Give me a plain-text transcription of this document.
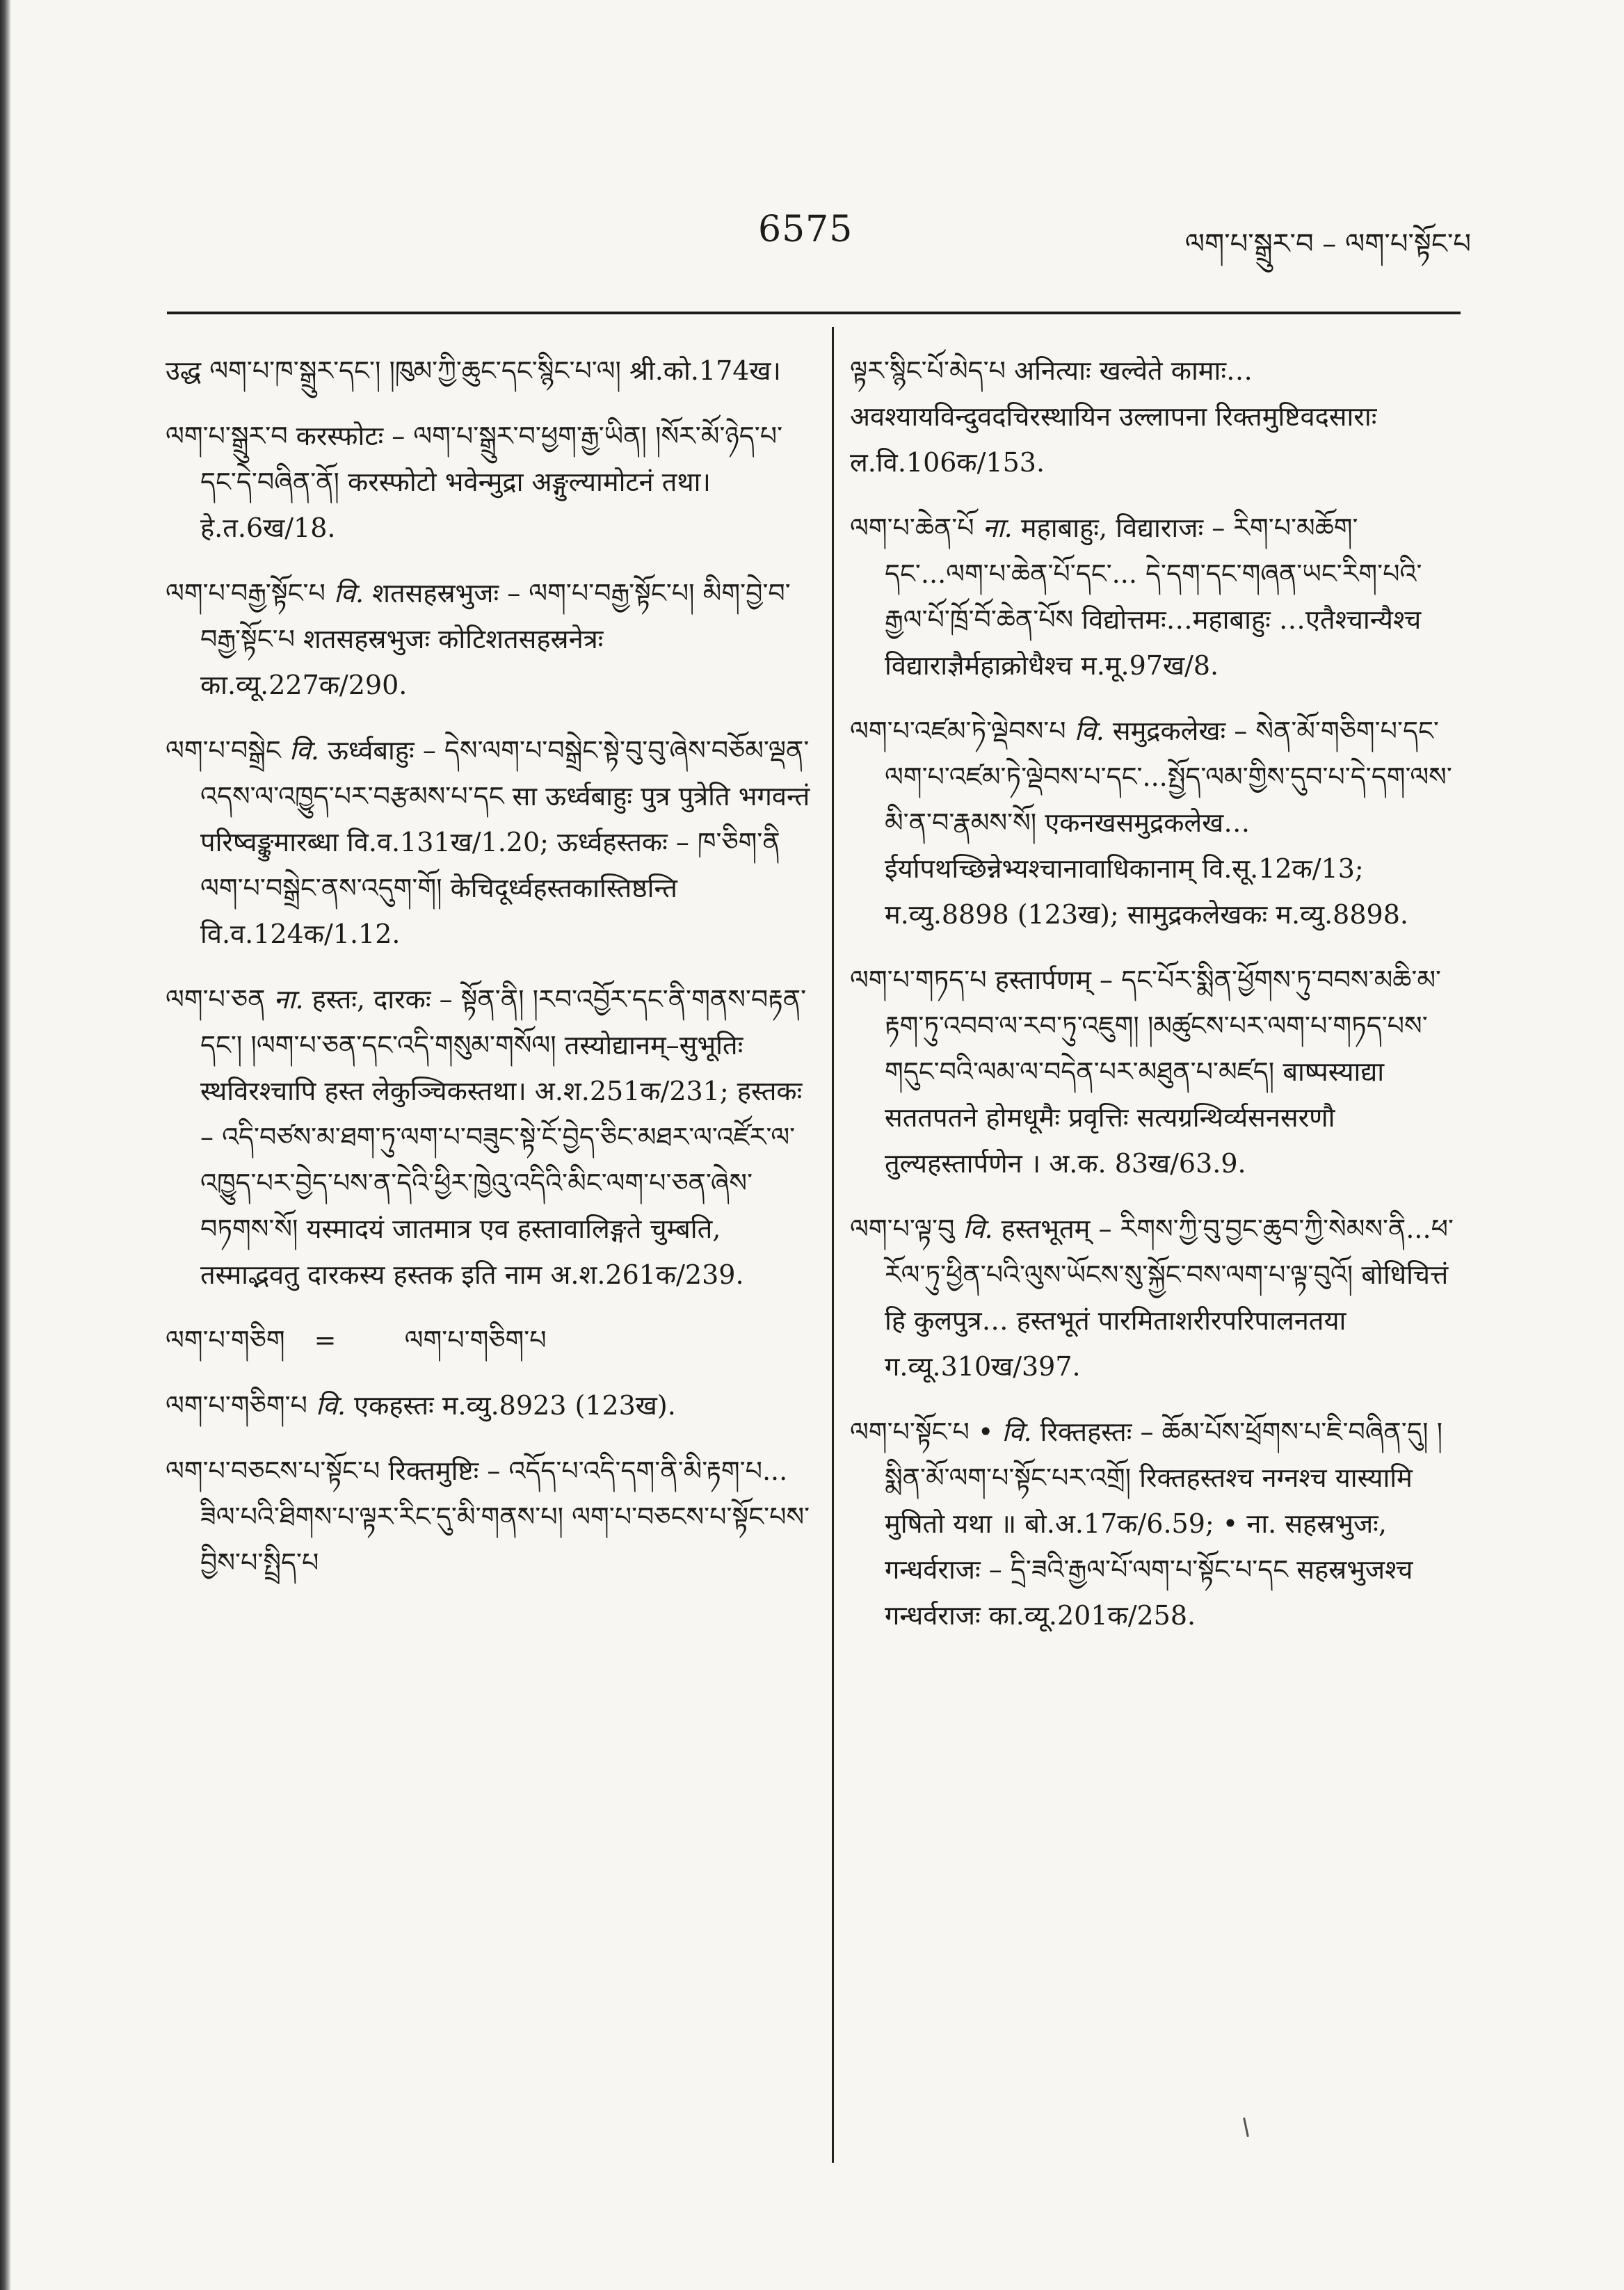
6575	ལག་པ་སྒྲུར་བ – ལག་པ་སྟོང་པ

उद्ध ལག་པ་ཁ་སྒྲུར་དང་། །ཁུམ་ཀྱི་ཆུང་དང་སྙིང་པ་ལ། श्री.को.174ख।

ལག་པ་སྒྲུར་བ करस्फोटः – ལག་པ་སྒྲུར་བ་ཕྱག་རྒྱ་ཡིན། །སོར་མོ་ཉེད་པ་དང་དེ་བཞིན་ནོ། करस्फोटो भवेन्मुद्रा अङ्गुल्यामोटनं तथा। हे.त.6ख/18.

ལག་པ་བརྒྱ་སྟོང་པ वि. शतसहस्रभुजः – ལག་པ་བརྒྱ་སྟོང་པ། མིག་བྱེ་བ་བརྒྱ་སྟོང་པ शतसहस्रभुजः कोटिशतसहस्रनेत्रः का.व्यू.227क/290.

ལག་པ་བསྒྲེང वि. ऊर्ध्वबाहुः – དེས་ལག་པ་བསྒྲེང་སྟེ་བུ་བུ་ཞེས་བཅོམ་ལྡན་འདས་ལ་འཁྱུད་པར་བརྩམས་པ་དང सा ऊर्ध्वबाहुः पुत्र पुत्रेति भगवन्तं परिष्वङ्कुमारब्धा वि.व.131ख/1.20; ऊर्ध्वहस्तकः – ཁ་ཅིག་ནི ལག་པ་བསྒྲེང་ནས་འདུག་གོ། केचिदूर्ध्वहस्तकास्तिष्ठन्ति वि.व.124क/1.12.

ལག་པ་ཅན ना. हस्तः, दारकः – སྟོན་ནི། །རབ་འབྱོར་དང་ནི་གནས་བརྟན་དང་། །ལག་པ་ཅན་དང་འདི་གསུམ་གསོལ། तस्योद्यानम्–सुभूतिः स्थविरश्चापि हस्त लेकुञ्चिकस्तथा। अ.श.251क/231; हस्तकः – འདི་བཙས་མ་ཐག་ཏུ་ལག་པ་བཟུང་སྟེ་ངོ་བྱེད་ཅིང་མཐར་ལ་འཛོར་ལ་འཁྱུད་པར་བྱེད་པས་ན་དེའི་ཕྱིར་ཁྱེའུ་འདིའི་མིང་ལག་པ་ཅན་ཞེས་བཏགས་སོ། यस्मादयं जातमात्र एव हस्तावालिङ्गते चुम्बति, तस्माद्भवतु दारकस्य हस्तक इति नाम अ.श.261क/239.

ལག་པ་གཅིག =	ལག་པ་གཅིག་པ

ལག་པ་གཅིག་པ वि. एकहस्तः म.व्यु.8923 (123ख).

ལག་པ་བཅངས་པ་སྟོང་པ रिक्तमुष्टिः – འདོད་པ་འདི་དག་ནི་མི་རྟག་པ... ཟིལ་པའི་ཐིགས་པ་ལྟར་རིང་དུ་མི་གནས་པ། ལག་པ་བཅངས་པ་སྟོང་པས་བྱིས་པ་སྤྲིད་པ

ལྟར་སྙིང་པོ་མེད་པ अनित्याः खल्वेते कामाः…अवश्यायविन्दुवदचिरस्थायिन उल्लापना रिक्तमुष्टिवदसाराः ल.वि.106क/153.

ལག་པ་ཆེན་པོ ना. महाबाहुः, विद्याराजः – རིག་པ་མཆོག་དང་...ལག་པ་ཆེན་པོ་དང་... དེ་དག་དང་གཞན་ཡང་རིག་པའི་རྒྱལ་པོ་ཁྲོ་བོ་ཆེན་པོས विद्योत्तमः…महाबाहुः …एतैश्चान्यैश्च विद्याराज्ञैर्महाक्रोधैश्च म.मू.97ख/8.

ལག་པ་འཛམ་ཏེ་ལྡེབས་པ वि. समुद्रकलेखः – སེན་མོ་གཅིག་པ་དང་ལག་པ་འཛམ་ཏེ་ལྡེབས་པ་དང་...སྤྱོད་ལམ་གྱིས་དུབ་པ་དེ་དག་ལས་མི་ན་བ་རྣམས་སོ། एकनखसमुद्रकलेख…ईर्यापथच्छिन्नेभ्यश्चानावाधिकानाम् वि.सू.12क/13; म.व्यु.8898 (123ख); सामुद्रकलेखकः म.व्यु.8898.

ལག་པ་གཏད་པ हस्तार्पणम् – དང་པོར་སྨིན་ཕྱོགས་ཏུ་བབས་མཆི་མ་རྟག་ཏུ་འབབ་ལ་རབ་ཏུ་འཇུག། །མཚུངས་པར་ལག་པ་གཏད་པས་གདུང་བའི་ལམ་ལ་བདེན་པར་མཐུན་པ་མཛད། बाष्पस्याद्या सततपतने होमधूमैः प्रवृत्तिः सत्यग्रन्थिर्व्यसनसरणौ तुल्यहस्तार्पणेन । अ.क. 83ख/63.9.

ལག་པ་ལྟ་བུ वि. हस्तभूतम् – རིགས་ཀྱི་བུ་བྱང་ཆུབ་ཀྱི་སེམས་ནི...ཕ་རོལ་ཏུ་ཕྱིན་པའི་ལུས་ཡོངས་སུ་སྐྱོང་བས་ལག་པ་ལྟ་བུའོ། बोधिचित्तं हि कुलपुत्र… हस्तभूतं पारमिताशरीरपरिपालनतया ग.व्यू.310ख/397.

ལག་པ་སྟོང་པ • वि. रिक्तहस्तः – ཆོམ་པོས་ཕྲོགས་པ་ཇི་བཞིན་དུ། །སྨིན་མོ་ལག་པ་སྟོང་པར་འགྲོ། रिक्तहस्तश्च नग्नश्च यास्यामि मुषितो यथा ॥ बो.अ.17क/6.59; • ना. सहस्रभुजः, गन्धर्वराजः – དྲི་ཟའི་རྒྱལ་པོ་ལག་པ་སྟོང་པ་དང सहस्रभुजश्च गन्धर्वराजः का.व्यू.201क/258.
